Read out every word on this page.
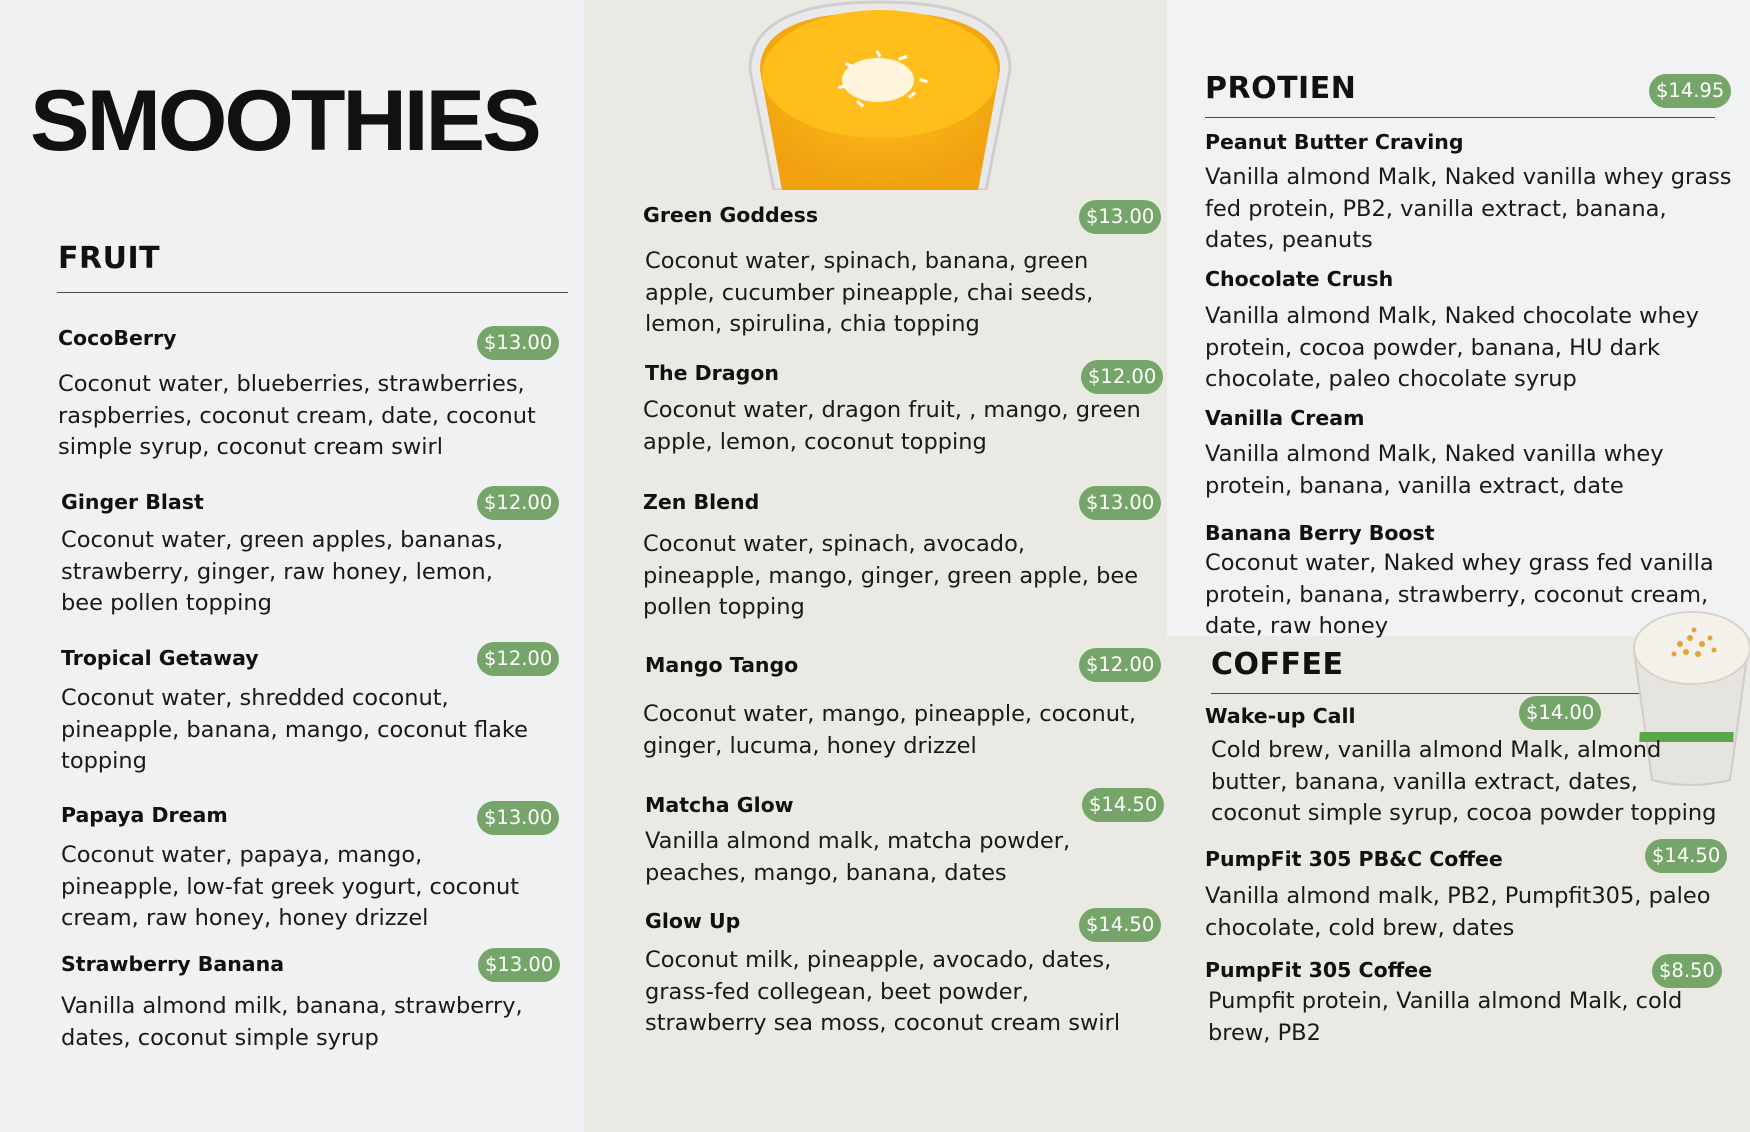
SMOOTHIES
FRUIT
CocoBerry	$13.00
Coconut water, blueberries, strawberries, raspberries, coconut cream, date, coconut simple syrup, coconut cream swirl
Ginger Blast	$12.00
Coconut water, green apples, bananas, strawberry, ginger, raw honey, lemon, bee pollen topping
Tropical Getaway	$12.00
Coconut water, shredded coconut, pineapple, banana, mango, coconut flake topping
Papaya Dream	$13.00
Coconut water, papaya, mango, pineapple, low-fat greek yogurt, coconut cream, raw honey, honey drizzel
Strawberry Banana	$13.00
Vanilla almond milk, banana, strawberry, dates, coconut simple syrup
Green Goddess	$13.00
Coconut water, spinach, banana, green apple, cucumber pineapple, chai seeds, lemon, spirulina, chia topping
The Dragon	$12.00
Coconut water, dragon fruit, , mango, green apple, lemon, coconut topping
Zen Blend	$13.00
Coconut water, spinach, avocado, pineapple, mango, ginger, green apple, bee pollen topping
Mango Tango	$12.00
Coconut water, mango, pineapple, coconut, ginger, lucuma, honey drizzel
Matcha Glow	$14.50
Vanilla almond malk, matcha powder, peaches, mango, banana, dates
Glow Up	$14.50
Coconut milk, pineapple, avocado, dates, grass-fed collegean, beet powder, strawberry sea moss, coconut cream swirl
PROTIEN	$14.95
Peanut Butter Craving
Vanilla almond Malk, Naked vanilla whey grass fed protein, PB2, vanilla extract, banana, dates, peanuts
Chocolate Crush
Vanilla almond Malk, Naked chocolate whey protein, cocoa powder, banana, HU dark chocolate, paleo chocolate syrup
Vanilla Cream
Vanilla almond Malk, Naked vanilla whey protein, banana, vanilla extract, date
Banana Berry Boost
Coconut water, Naked whey grass fed vanilla protein, banana, strawberry, coconut cream, date, raw honey
COFFEE
Wake-up Call	$14.00
Cold brew, vanilla almond Malk, almond butter, banana, vanilla extract, dates, coconut simple syrup, cocoa powder topping
PumpFit 305 PB&C Coffee	$14.50
Vanilla almond malk, PB2, Pumpfit305, paleo chocolate, cold brew, dates
PumpFit 305 Coffee	$8.50
Pumpfit protein, Vanilla almond Malk, cold brew, PB2
